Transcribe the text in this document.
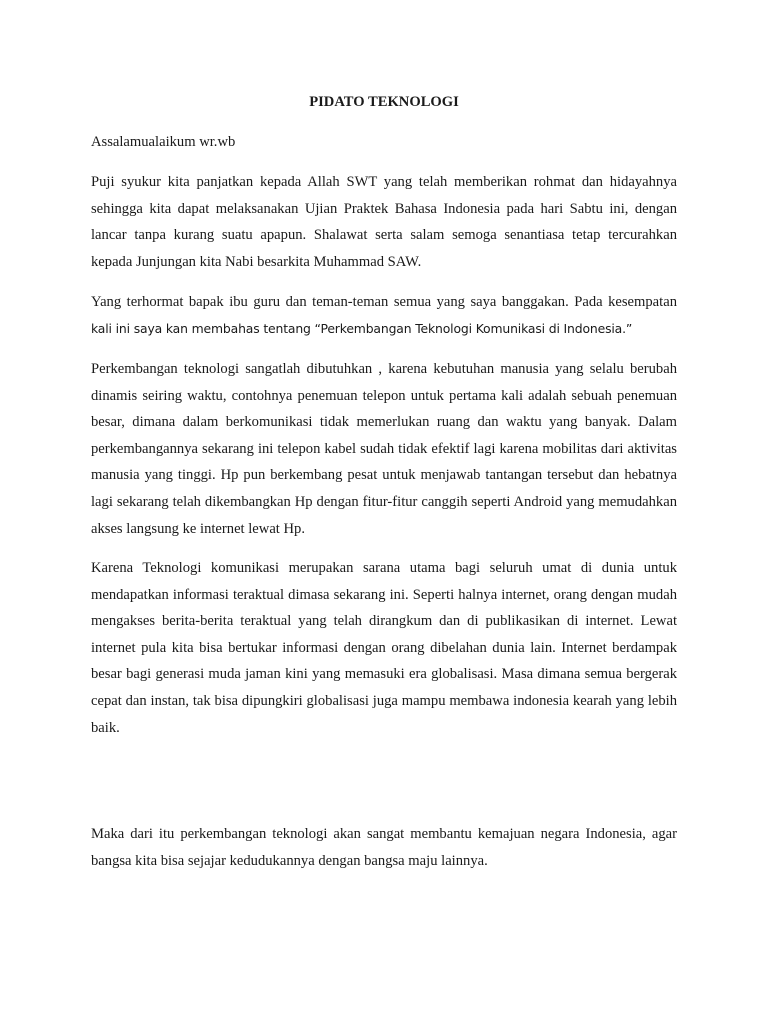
PIDATO TEKNOLOGI

Assalamualaikum wr.wb

Puji syukur kita panjatkan kepada Allah SWT yang telah memberikan rohmat dan hidayahnya sehingga kita dapat melaksanakan Ujian Praktek Bahasa Indonesia pada hari Sabtu ini, dengan lancar tanpa kurang suatu apapun. Shalawat serta salam semoga senantiasa tetap tercurahkan kepada Junjungan kita Nabi besarkita Muhammad SAW.

Yang terhormat bapak ibu guru dan teman-teman semua yang saya banggakan. Pada kesempatan kali ini saya kan membahas tentang “Perkembangan Teknologi Komunikasi di Indonesia.”

Perkembangan teknologi sangatlah dibutuhkan , karena kebutuhan manusia yang selalu berubah dinamis seiring waktu, contohnya penemuan telepon untuk pertama kali adalah sebuah penemuan besar, dimana dalam berkomunikasi tidak memerlukan ruang dan waktu yang banyak. Dalam perkembangannya sekarang ini telepon kabel sudah tidak efektif lagi karena mobilitas dari aktivitas manusia yang tinggi. Hp pun berkembang pesat untuk menjawab tantangan tersebut dan hebatnya lagi sekarang telah dikembangkan Hp dengan fitur-fitur canggih seperti Android yang memudahkan akses langsung ke internet lewat Hp.

Karena Teknologi komunikasi merupakan sarana utama bagi seluruh umat di dunia untuk mendapatkan informasi teraktual dimasa sekarang ini. Seperti halnya internet, orang dengan mudah mengakses berita-berita teraktual yang telah dirangkum dan di publikasikan di internet. Lewat internet pula kita bisa bertukar informasi dengan orang dibelahan dunia lain. Internet berdampak besar bagi generasi muda jaman kini yang memasuki era globalisasi. Masa dimana semua bergerak cepat dan instan, tak bisa dipungkiri globalisasi juga mampu membawa indonesia kearah yang lebih baik.

Maka dari itu perkembangan teknologi akan sangat membantu kemajuan negara Indonesia, agar bangsa kita bisa sejajar kedudukannya dengan bangsa maju lainnya.
